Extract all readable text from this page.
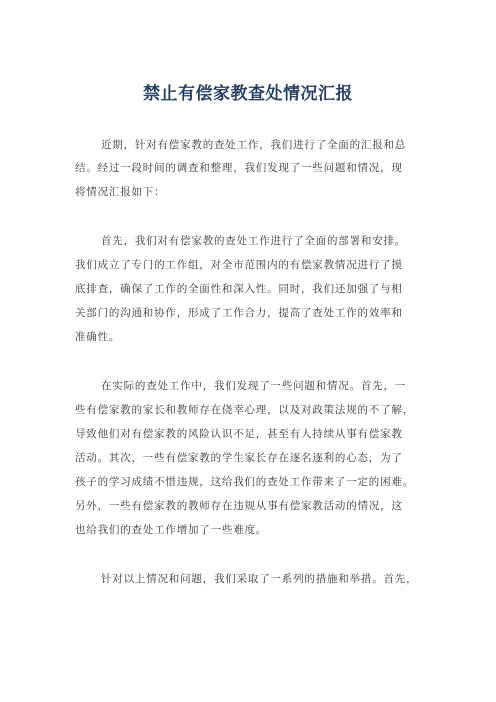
禁止有偿家教查处情况汇报
近期，针对有偿家教的查处工作，我们进行了全面的汇报和总
结。经过一段时间的调查和整理，我们发现了一些问题和情况，现
将情况汇报如下：
首先，我们对有偿家教的查处工作进行了全面的部署和安排。
我们成立了专门的工作组，对全市范围内的有偿家教情况进行了摸
底排查，确保了工作的全面性和深入性。同时，我们还加强了与相
关部门的沟通和协作，形成了工作合力，提高了查处工作的效率和
准确性。
在实际的查处工作中，我们发现了一些问题和情况。首先，一
些有偿家教的家长和教师存在侥幸心理，以及对政策法规的不了解，
导致他们对有偿家教的风险认识不足，甚至有人持续从事有偿家教
活动。其次，一些有偿家教的学生家长存在逐名逐利的心态，为了
孩子的学习成绩不惜违规，这给我们的查处工作带来了一定的困难。
另外，一些有偿家教的教师存在违规从事有偿家教活动的情况，这
也给我们的查处工作增加了一些难度。
针对以上情况和问题，我们采取了一系列的措施和举措。首先，
